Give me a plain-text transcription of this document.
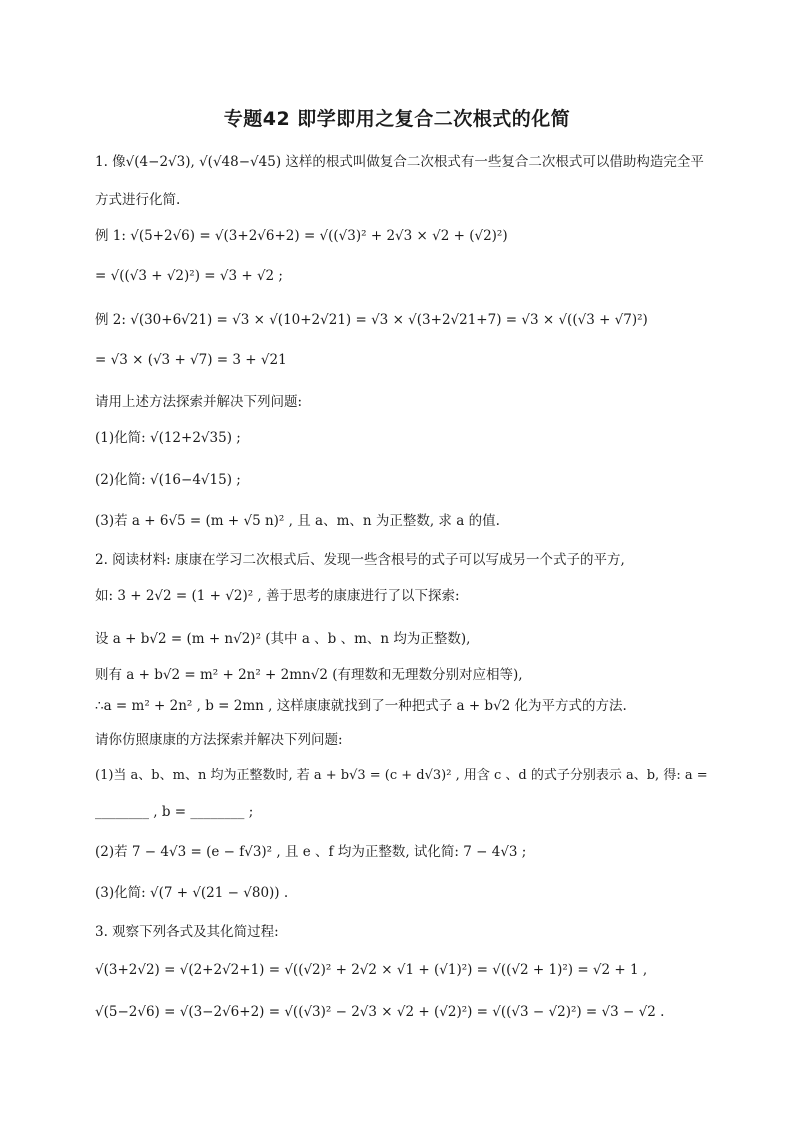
专题42 即学即用之复合二次根式的化简
1. 像√(4−2√3), √(√48−√45) 这样的根式叫做复合二次根式有一些复合二次根式可以借助构造完全平
方式进行化简.
例 1: √(5+2√6) = √(3+2√6+2) = √((√3)² + 2√3 × √2 + (√2)²)
= √((√3 + √2)²) = √3 + √2 ;
例 2: √(30+6√21) = √3 × √(10+2√21) = √3 × √(3+2√21+7) = √3 × √((√3 + √7)²)
= √3 × (√3 + √7) = 3 + √21
请用上述方法探索并解决下列问题:
(1)化简: √(12+2√35) ;
(2)化简: √(16−4√15) ;
(3)若 a + 6√5 = (m + √5 n)² , 且 a、m、n 为正整数, 求 a 的值.
2. 阅读材料: 康康在学习二次根式后、发现一些含根号的式子可以写成另一个式子的平方,
如: 3 + 2√2 = (1 + √2)² , 善于思考的康康进行了以下探索:
设 a + b√2 = (m + n√2)² (其中 a 、b 、m、n 均为正整数),
则有 a + b√2 = m² + 2n² + 2mn√2 (有理数和无理数分别对应相等),
∴a = m² + 2n² , b = 2mn , 这样康康就找到了一种把式子 a + b√2 化为平方式的方法.
请你仿照康康的方法探索并解决下列问题:
(1)当 a、b、m、n 均为正整数时, 若 a + b√3 = (c + d√3)² , 用含 c 、d 的式子分别表示 a、b, 得: a =
________ , b = ________ ;
(2)若 7 − 4√3 = (e − f√3)² , 且 e 、f 均为正整数, 试化简: 7 − 4√3 ;
(3)化简: √(7 + √(21 − √80)) .
3. 观察下列各式及其化简过程:
√(3+2√2) = √(2+2√2+1) = √((√2)² + 2√2 × √1 + (√1)²) = √((√2 + 1)²) = √2 + 1 ,
√(5−2√6) = √(3−2√6+2) = √((√3)² − 2√3 × √2 + (√2)²) = √((√3 − √2)²) = √3 − √2 .
